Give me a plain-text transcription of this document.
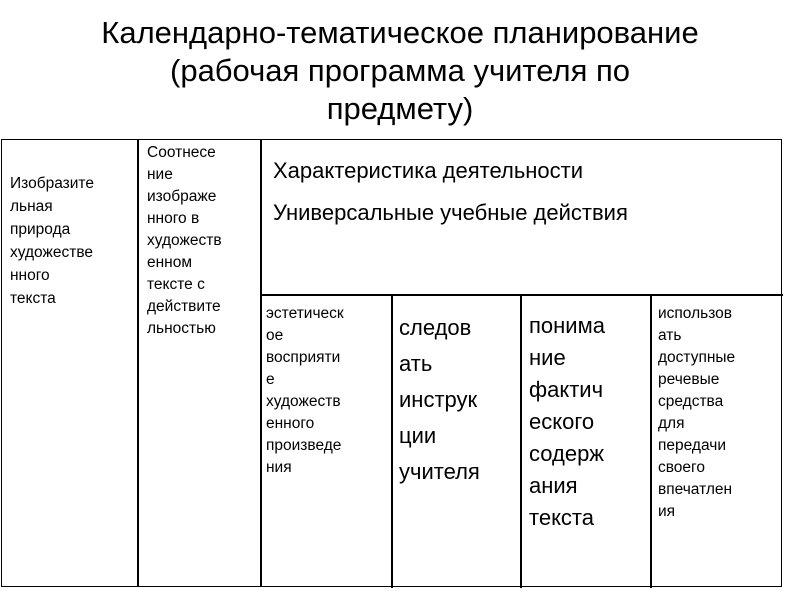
Календарно-тематическое планирование
(рабочая программа учителя по
предмету)
Изобразите
льная
природа
художестве
нного
текста
Соотнесе
ние
изображе
нного в
художеств
енном
тексте с
действите
льностью
Характеристика деятельности
Универсальные учебные действия
эстетическ
ое
восприяти
е
художеств
енного
произведе
ния
следов
ать
инструк
ции
учителя
понима
ние
фактич
еского
содерж
ания
текста
использов
ать
доступные
речевые
средства
для
передачи
своего
впечатлен
ия
